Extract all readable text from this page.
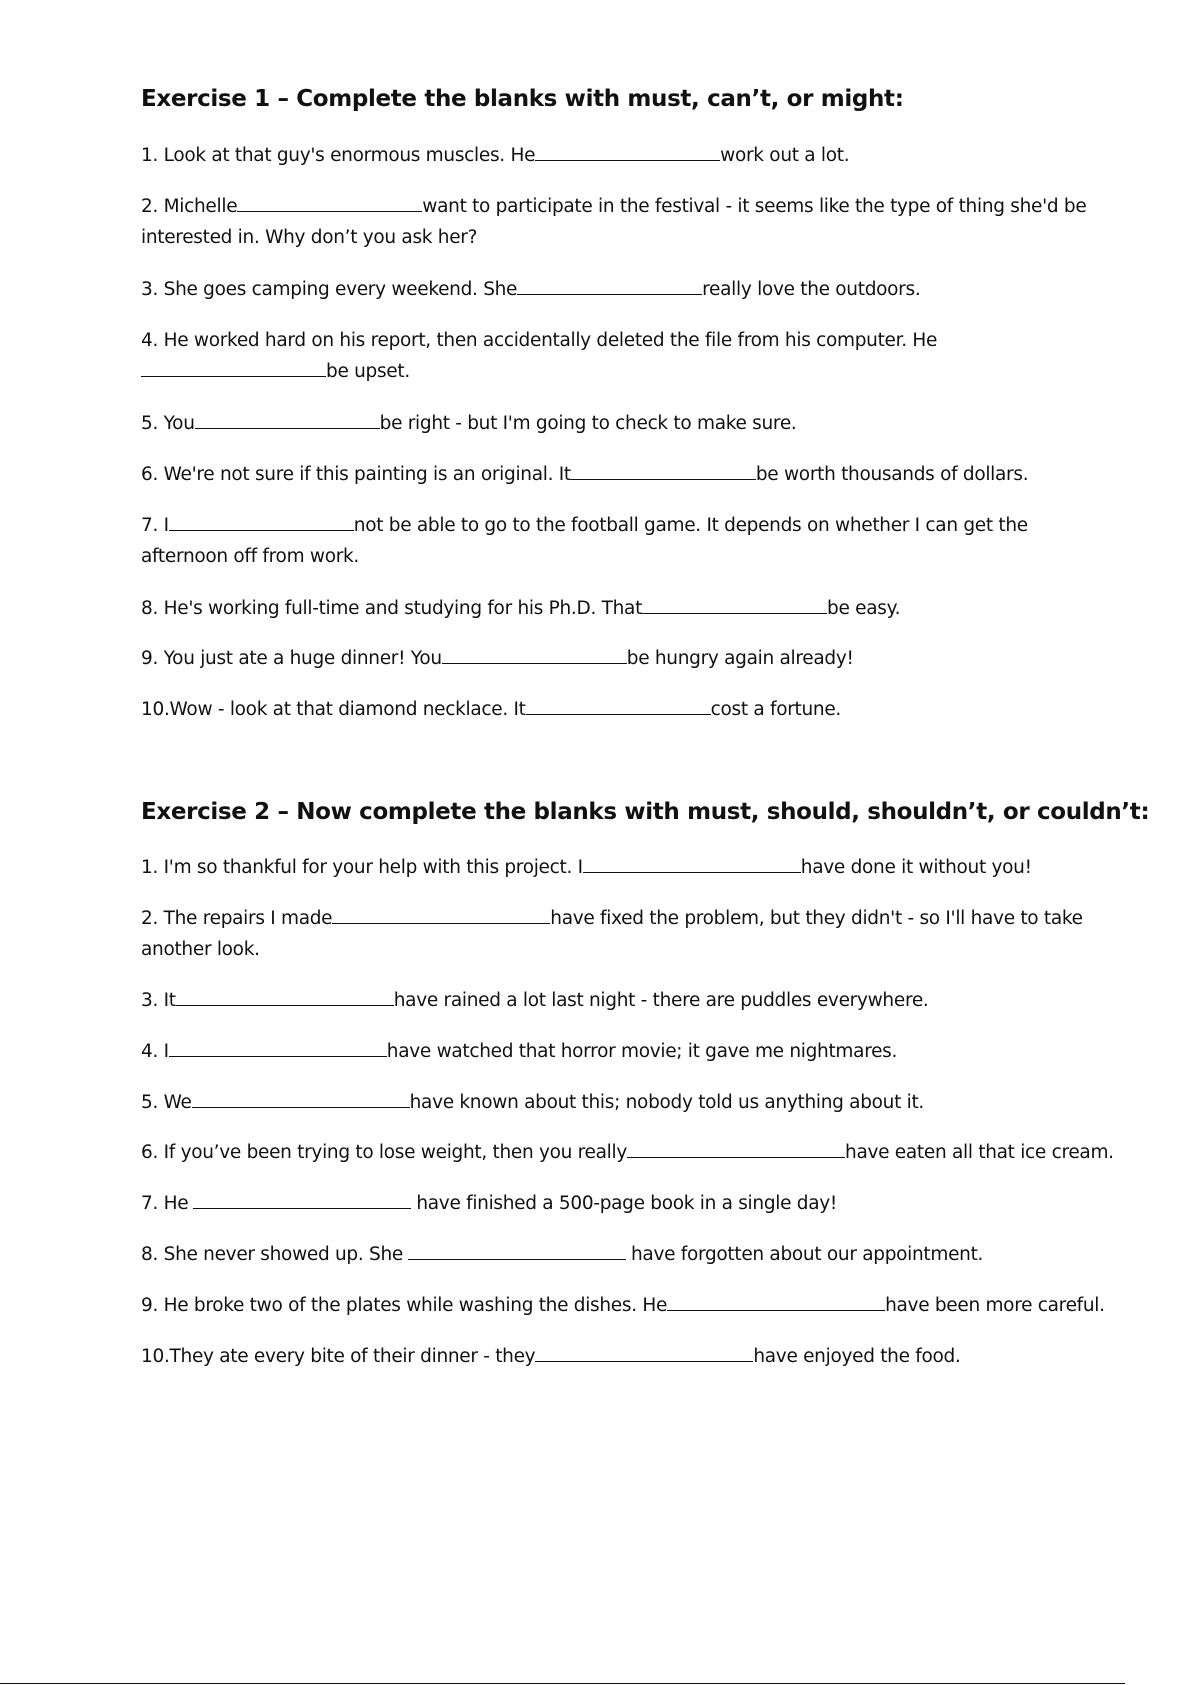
Exercise 1 – Complete the blanks with must, can’t, or might:
1. Look at that guy's enormous muscles. He	work out a lot.
2. Michelle	want to participate in the festival - it seems like the type of thing she'd be
interested in. Why don’t you ask her?
3. She goes camping every weekend. She	really love the outdoors.
4. He worked hard on his report, then accidentally deleted the file from his computer. He
be upset.
5. You	be right - but I'm going to check to make sure.
6. We're not sure if this painting is an original. It	be worth thousands of dollars.
7. I	not be able to go to the football game. It depends on whether I can get the
afternoon off from work.
8. He's working full-time and studying for his Ph.D. That	be easy.
9. You just ate a huge dinner! You	be hungry again already!
10.Wow - look at that diamond necklace. It	cost a fortune.
Exercise 2 – Now complete the blanks with must, should, shouldn’t, or couldn’t:
1. I'm so thankful for your help with this project. I	have done it without you!
2. The repairs I made	have fixed the problem, but they didn't - so I'll have to take
another look.
3. It	have rained a lot last night - there are puddles everywhere.
4. I	have watched that horror movie; it gave me nightmares.
5. We	have known about this; nobody told us anything about it.
6. If you’ve been trying to lose weight, then you really	have eaten all that ice cream.
7. He	have finished a 500-page book in a single day!
8. She never showed up. She	have forgotten about our appointment.
9. He broke two of the plates while washing the dishes. He	have been more careful.
10.They ate every bite of their dinner - they	have enjoyed the food.
